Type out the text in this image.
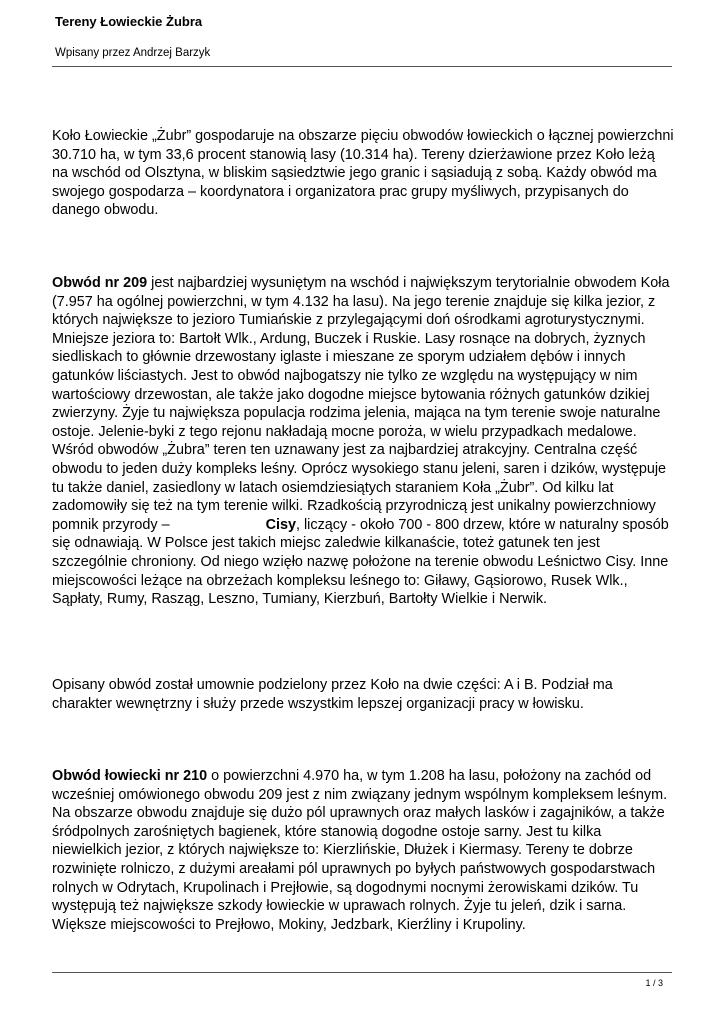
Tereny Łowieckie Żubra
Wpisany przez Andrzej Barzyk

Koło Łowieckie „Żubr” gospodaruje na obszarze pięciu obwodów łowieckich o łącznej powierzchni 30.710 ha, w tym 33,6 procent stanowią lasy (10.314 ha). Tereny dzierżawione przez Koło leżą na wschód od Olsztyna, w bliskim sąsiedztwie jego granic i sąsiadują z sobą. Każdy obwód ma swojego gospodarza – koordynatora i organizatora prac grupy myśliwych, przypisanych do danego obwodu.

Obwód nr 209 jest najbardziej wysuniętym na wschód i największym terytorialnie obwodem Koła (7.957 ha ogólnej powierzchni, w tym 4.132 ha lasu). Na jego terenie znajduje się kilka jezior, z których największe to jezioro Tumiańskie z przylegającymi doń ośrodkami agroturystycznymi. Mniejsze jeziora to: Bartołt Wlk., Ardung, Buczek i Ruskie. Lasy rosnące na dobrych, żyznych siedliskach to głównie drzewostany iglaste i mieszane ze sporym udziałem dębów i innych gatunków liściastych. Jest to obwód najbogatszy nie tylko ze względu na występujący w nim wartościowy drzewostan, ale także jako dogodne miejsce bytowania różnych gatunków dzikiej zwierzyny. Żyje tu największa populacja rodzima jelenia, mająca na tym terenie swoje naturalne ostoje. Jelenie-byki z tego rejonu nakładają mocne poroża, w wielu przypadkach medalowe. Wśród obwodów „Żubra” teren ten uznawany jest za najbardziej atrakcyjny. Centralna część obwodu to jeden duży kompleks leśny. Oprócz wysokiego stanu jeleni, saren i dzików, występuje tu także daniel, zasiedlony w latach osiemdziesiątych staraniem Koła „Żubr”. Od kilku lat zadomowiły się też na tym terenie wilki. Rzadkością przyrodniczą jest unikalny powierzchniowy pomnik przyrody –	Cisy, liczący - około 700 - 800 drzew, które w naturalny sposób się odnawiają. W Polsce jest takich miejsc zaledwie kilkanaście, toteż gatunek ten jest szczególnie chroniony. Od niego wzięło nazwę położone na terenie obwodu Leśnictwo Cisy. Inne miejscowości leżące na obrzeżach kompleksu leśnego to: Giławy, Gąsiorowo, Rusek Wlk., Sąpłaty, Rumy, Rasząg, Leszno, Tumiany, Kierzbuń, Bartołty Wielkie i Nerwik.

Opisany obwód został umownie podzielony przez Koło na dwie części: A i B. Podział ma charakter wewnętrzny i służy przede wszystkim lepszej organizacji pracy w łowisku.

Obwód łowiecki nr 210 o powierzchni 4.970 ha, w tym 1.208 ha lasu, położony na zachód od wcześniej omówionego obwodu 209 jest z nim związany jednym wspólnym kompleksem leśnym. Na obszarze obwodu znajduje się dużo pól uprawnych oraz małych lasków i zagajników, a także śródpolnych zarośniętych bagienek, które stanowią dogodne ostoje sarny. Jest tu kilka niewielkich jezior, z których największe to: Kierzlińskie, Dłużek i Kiermasy. Tereny te dobrze rozwinięte rolniczo, z dużymi areałami pól uprawnych po byłych państwowych gospodarstwach rolnych w Odrytach, Krupolinach i Prejłowie, są dogodnymi nocnymi żerowiskami dzików. Tu występują też największe szkody łowieckie w uprawach rolnych. Żyje tu jeleń, dzik i sarna. Większe miejscowości to Prejłowo, Mokiny, Jedzbark, Kierźliny i Krupoliny.

1 / 3
